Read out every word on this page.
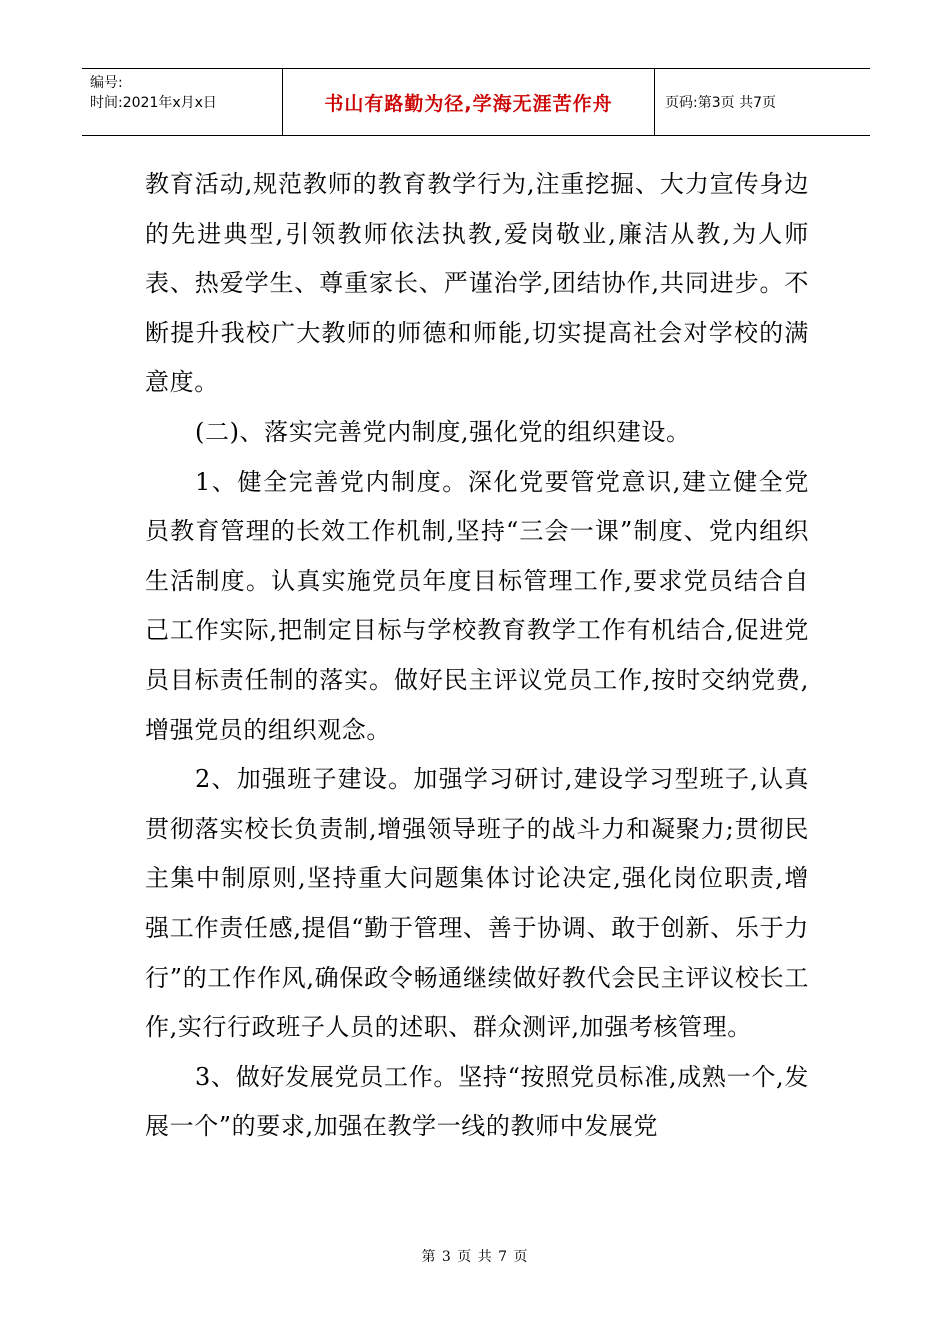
编号:
时间:2021年x月x日	书山有路勤为径,学海无涯苦作舟	页码:第3页 共7页

教育活动,规范教师的教育教学行为,注重挖掘、大力宣传身边的先进典型,引领教师依法执教,爱岗敬业,廉洁从教,为人师表、热爱学生、尊重家长、严谨治学,团结协作,共同进步。不断提升我校广大教师的师德和师能,切实提高社会对学校的满意度。

(二)、落实完善党内制度,强化党的组织建设。

1、健全完善党内制度。深化党要管党意识,建立健全党员教育管理的长效工作机制,坚持“三会一课”制度、党内组织生活制度。认真实施党员年度目标管理工作,要求党员结合自己工作实际,把制定目标与学校教育教学工作有机结合,促进党员目标责任制的落实。做好民主评议党员工作,按时交纳党费,增强党员的组织观念。

2、加强班子建设。加强学习研讨,建设学习型班子,认真贯彻落实校长负责制,增强领导班子的战斗力和凝聚力;贯彻民主集中制原则,坚持重大问题集体讨论决定,强化岗位职责,增强工作责任感,提倡“勤于管理、善于协调、敢于创新、乐于力行”的工作作风,确保政令畅通继续做好教代会民主评议校长工作,实行行政班子人员的述职、群众测评,加强考核管理。

3、做好发展党员工作。坚持“按照党员标准,成熟一个,发展一个”的要求,加强在教学一线的教师中发展党

第 3 页 共 7 页
